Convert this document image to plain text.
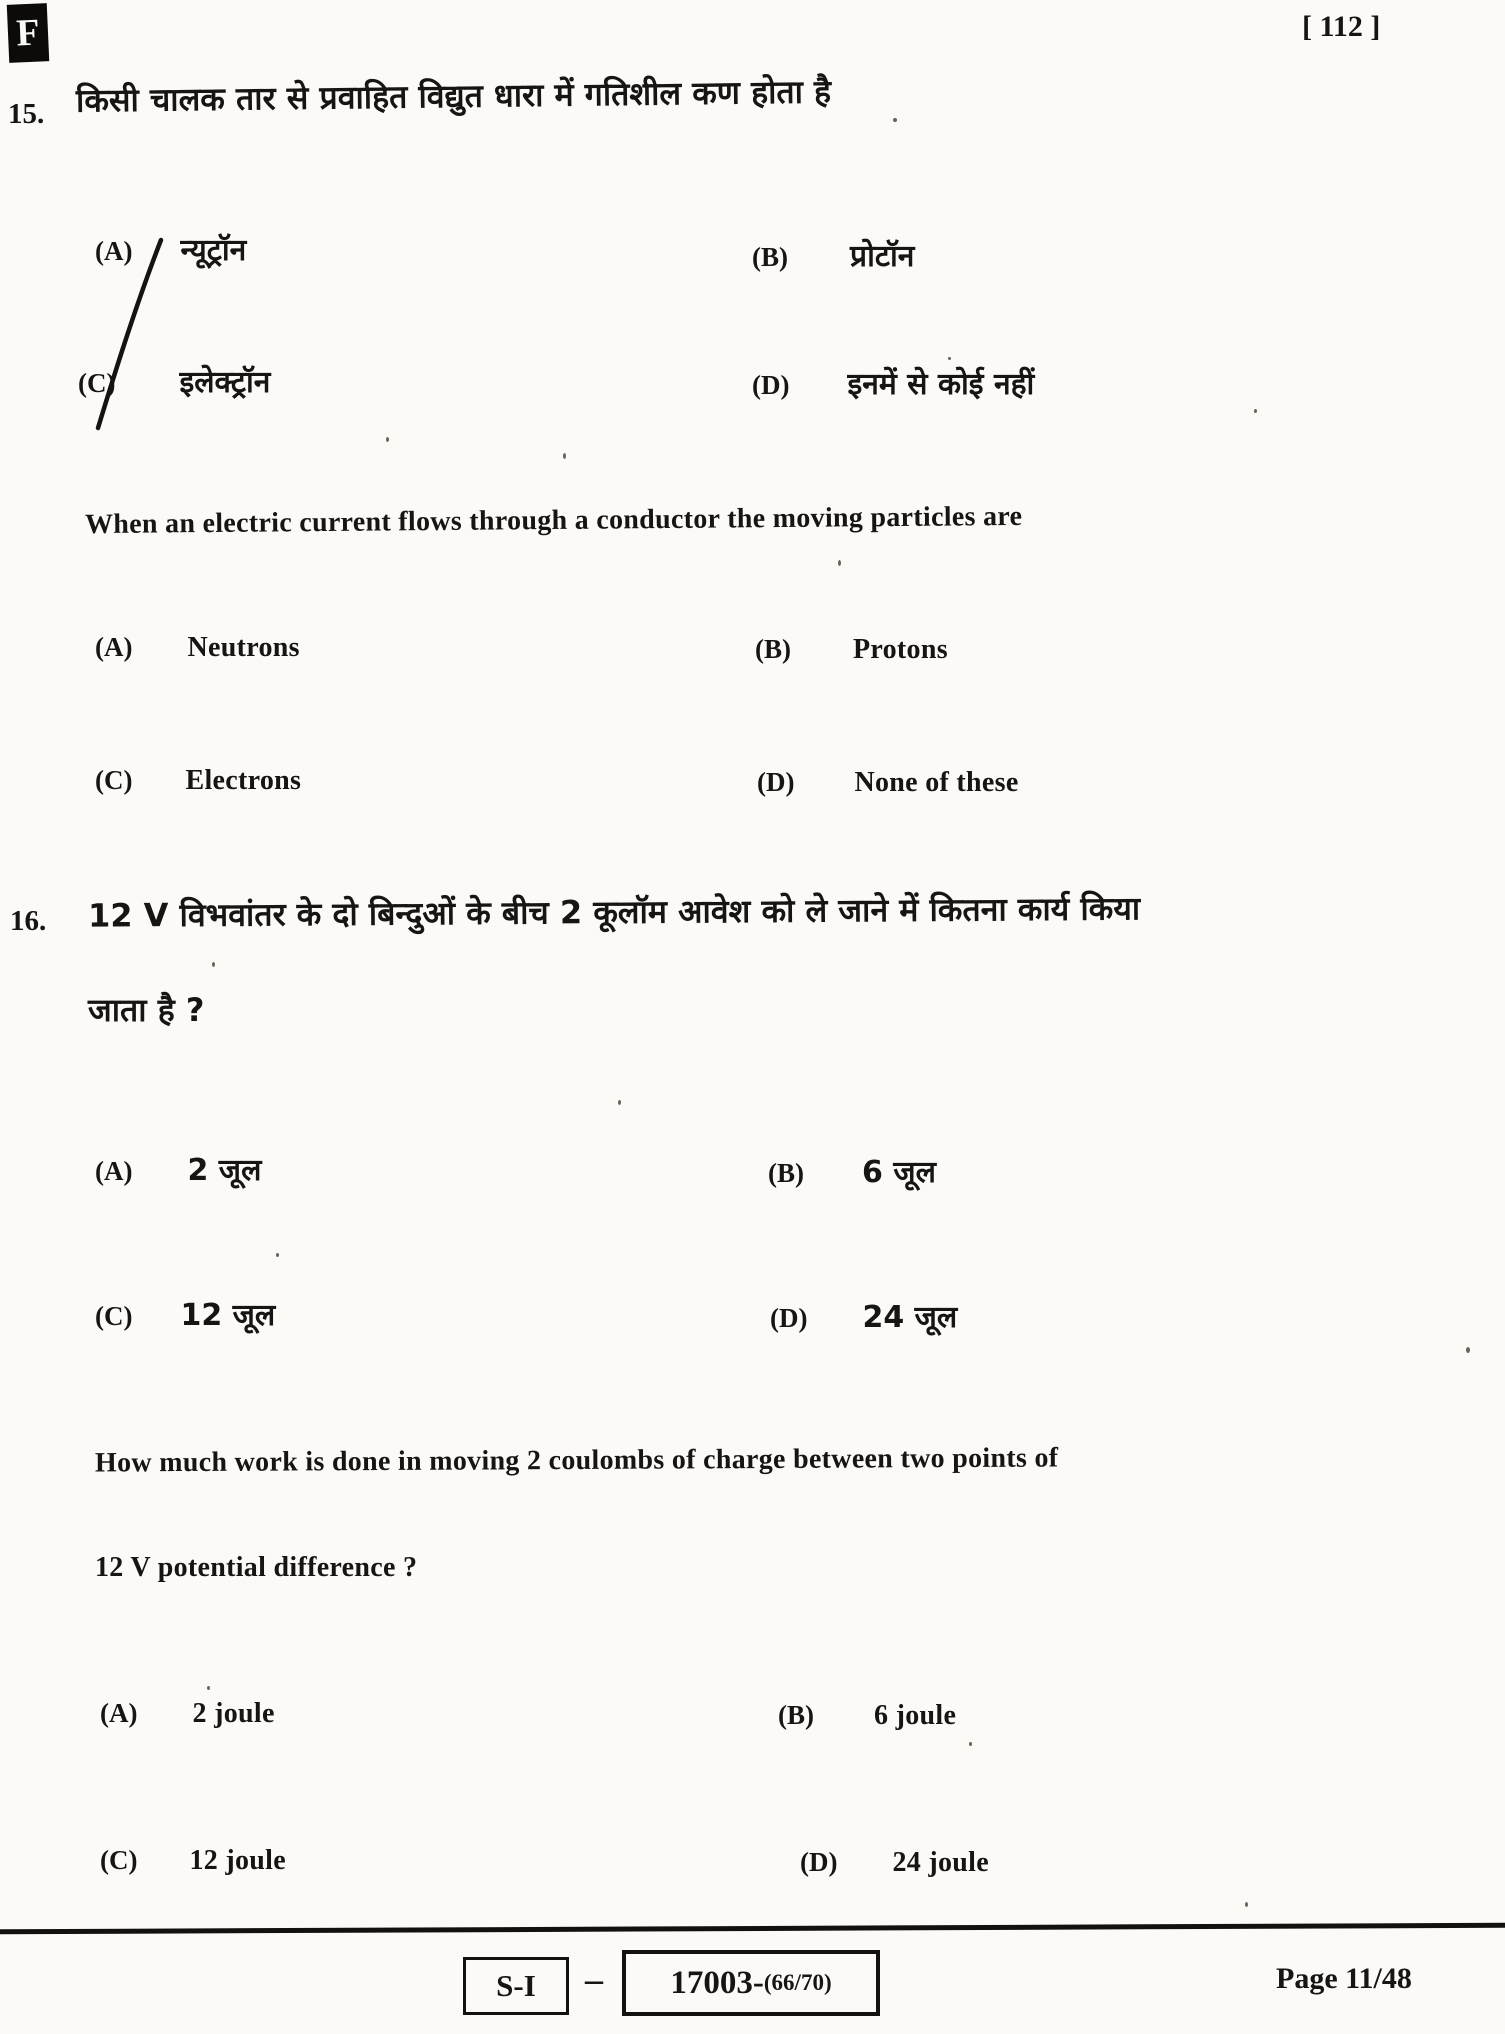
F	[ 112 ]
15. किसी चालक तार से प्रवाहित विद्युत धारा में गतिशील कण होता है
(A) न्यूट्रॉन	(B) प्रोटॉन
(C) इलेक्ट्रॉन	(D) इनमें से कोई नहीं
When an electric current flows through a conductor the moving particles are
(A) Neutrons	(B) Protons
(C) Electrons	(D) None of these
16. 12 V विभवांतर के दो बिन्दुओं के बीच 2 कूलॉम आवेश को ले जाने में कितना कार्य किया
जाता है ?
(A) 2 जूल	(B) 6 जूल
(C) 12 जूल	(D) 24 जूल
How much work is done in moving 2 coulombs of charge between two points of
12 V potential difference ?
(A) 2 joule	(B) 6 joule
(C) 12 joule	(D) 24 joule
S-I – 17003- (66/70)	Page 11/48
